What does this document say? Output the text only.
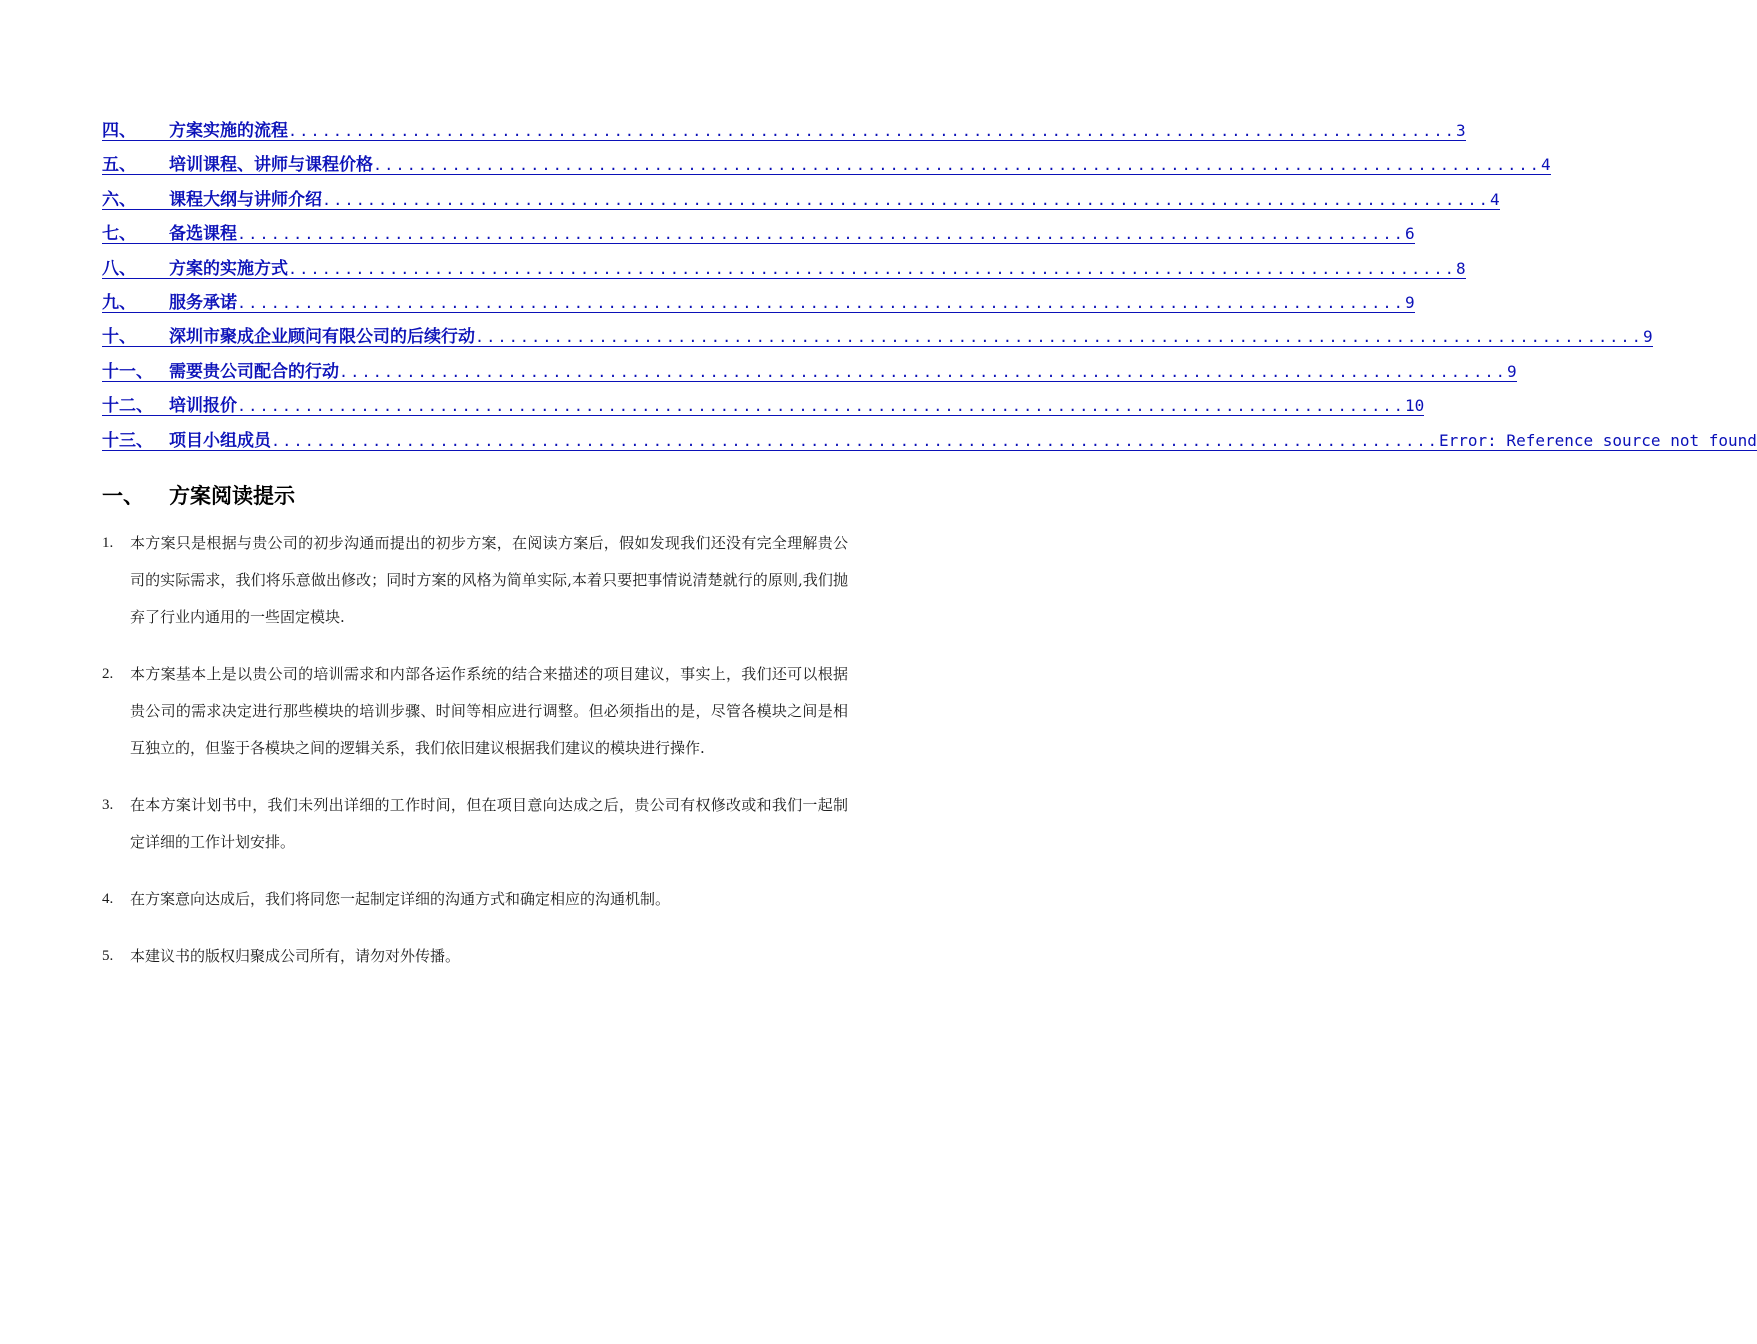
四、	方案实施的流程 ........................................................................................................ 3
五、	培训课程、讲师与课程价格 ........................................................................................................ 4
六、	课程大纲与讲师介绍 ........................................................................................................ 4
七、	备选课程 ........................................................................................................ 6
八、	方案的实施方式 ........................................................................................................ 8
九、	服务承诺 ........................................................................................................ 9
十、	深圳市聚成企业顾问有限公司的后续行动 ........................................................................................................ 9
十一、 需要贵公司配合的行动 ........................................................................................................ 9
十二、 培训报价 ........................................................................................................ 10
十三、 项目小组成员 ........................................................................................................ Error: Reference source not found
一、 方案阅读提示
1.	本方案只是根据与贵公司的初步沟通而提出的初步方案，在阅读方案后，假如发现我们还没有完全理解贵公司的实际需求，我们将乐意做出修改；同时方案的风格为简单实际,本着只要把事情说清楚就行的原则,我们抛弃了行业内通用的一些固定模块.
2.	本方案基本上是以贵公司的培训需求和内部各运作系统的结合来描述的项目建议，事实上，我们还可以根据贵公司的需求决定进行那些模块的培训步骤、时间等相应进行调整。但必须指出的是，尽管各模块之间是相互独立的，但鉴于各模块之间的逻辑关系，我们依旧建议根据我们建议的模块进行操作.
3.	在本方案计划书中，我们未列出详细的工作时间，但在项目意向达成之后，贵公司有权修改或和我们一起制定详细的工作计划安排。
4.	在方案意向达成后，我们将同您一起制定详细的沟通方式和确定相应的沟通机制。
5.	本建议书的版权归聚成公司所有，请勿对外传播。
